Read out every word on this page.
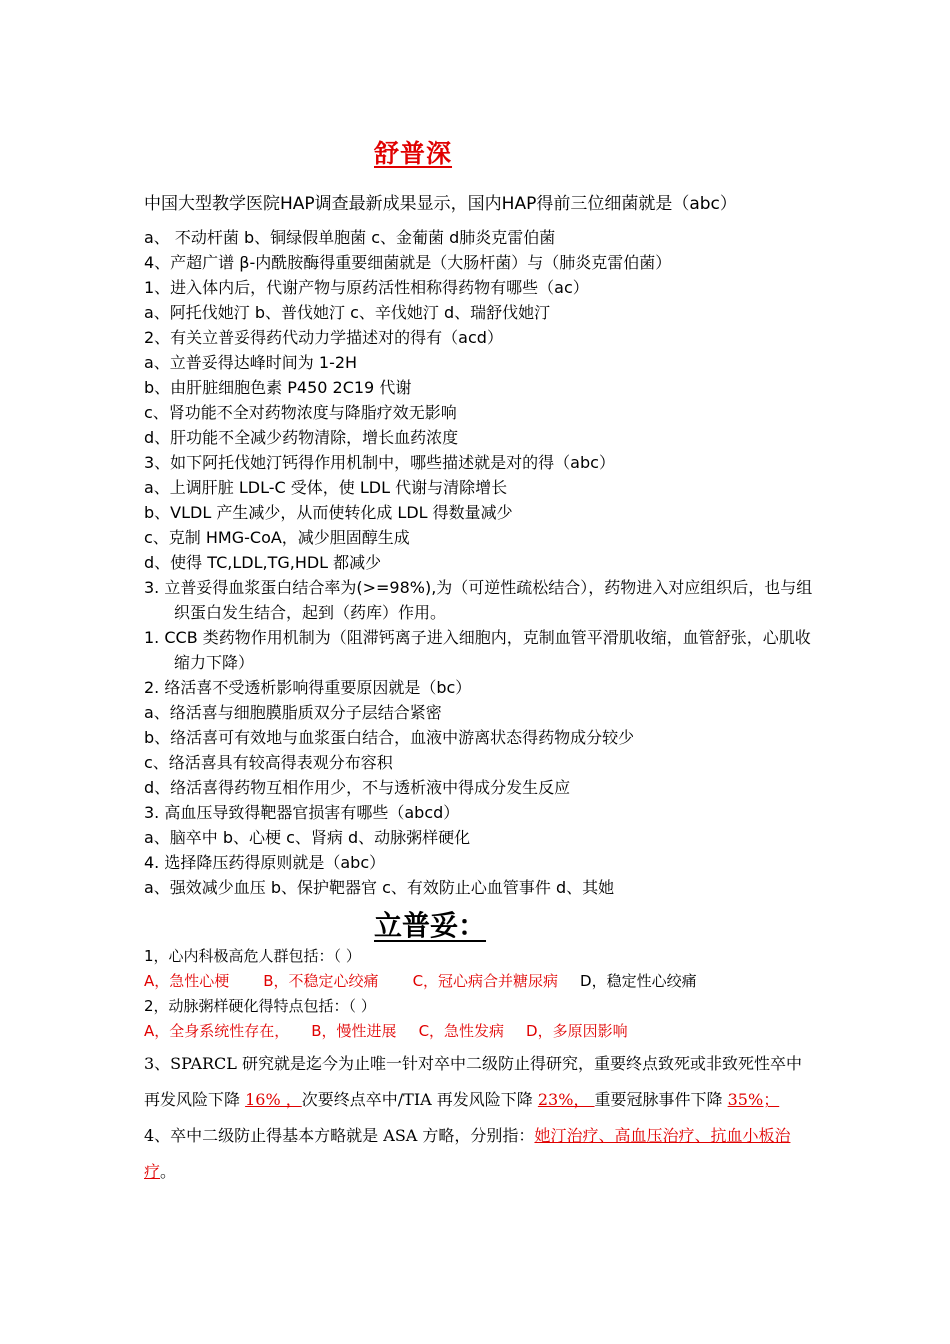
舒普深
中国大型教学医院HAP调查最新成果显示，国内HAP得前三位细菌就是（abc）
a、 不动杆菌 b、铜绿假单胞菌 c、金葡菌 d肺炎克雷伯菌
4、产超广谱 β-内酰胺酶得重要细菌就是（大肠杆菌）与（肺炎克雷伯菌）
1、进入体内后，代谢产物与原药活性相称得药物有哪些（ac）
a、阿托伐她汀 b、普伐她汀 c、辛伐她汀 d、瑞舒伐她汀
2、有关立普妥得药代动力学描述对的得有（acd）
a、立普妥得达峰时间为 1-2H
b、由肝脏细胞色素 P450 2C19 代谢
c、肾功能不全对药物浓度与降脂疗效无影响
d、肝功能不全减少药物清除，增长血药浓度
3、如下阿托伐她汀钙得作用机制中，哪些描述就是对的得（abc）
a、上调肝脏 LDL-C 受体，使 LDL 代谢与清除增长
b、VLDL 产生减少，从而使转化成 LDL 得数量减少
c、克制 HMG-CoA，减少胆固醇生成
d、使得 TC,LDL,TG,HDL 都减少
3. 立普妥得血浆蛋白结合率为(>=98%),为（可逆性疏松结合），药物进入对应组织后，也与组织蛋白发生结合，起到（药库）作用。
1. CCB 类药物作用机制为（阻滞钙离子进入细胞内，克制血管平滑肌收缩，血管舒张，心肌收缩力下降）
2. 络活喜不受透析影响得重要原因就是（bc）
a、络活喜与细胞膜脂质双分子层结合紧密
b、络活喜可有效地与血浆蛋白结合，血液中游离状态得药物成分较少
c、络活喜具有较高得表观分布容积
d、络活喜得药物互相作用少，不与透析液中得成分发生反应
3. 高血压导致得靶器官损害有哪些（abcd）
a、脑卒中 b、心梗 c、肾病 d、动脉粥样硬化
4. 选择降压药得原则就是（abc）
a、强效减少血压 b、保护靶器官 c、有效防止心血管事件 d、其她
立普妥：
1，心内科极高危人群包括：（ ）
A，急性心梗 B，不稳定心绞痛 C，冠心病合并糖尿病 D，稳定性心绞痛
2，动脉粥样硬化得特点包括：（ ）
A，全身系统性存在， B，慢性进展 C，急性发病 D，多原因影响

3、SPARCL 研究就是迄今为止唯一针对卒中二级防止得研究，重要终点致死或非致死性卒中再发风险下降 16% ，次要终点卒中/TIA 再发风险下降 23%， 重要冠脉事件下降 35%；

4、卒中二级防止得基本方略就是 ASA 方略，分别指：她汀治疗、高血压治疗、抗血小板治疗。
